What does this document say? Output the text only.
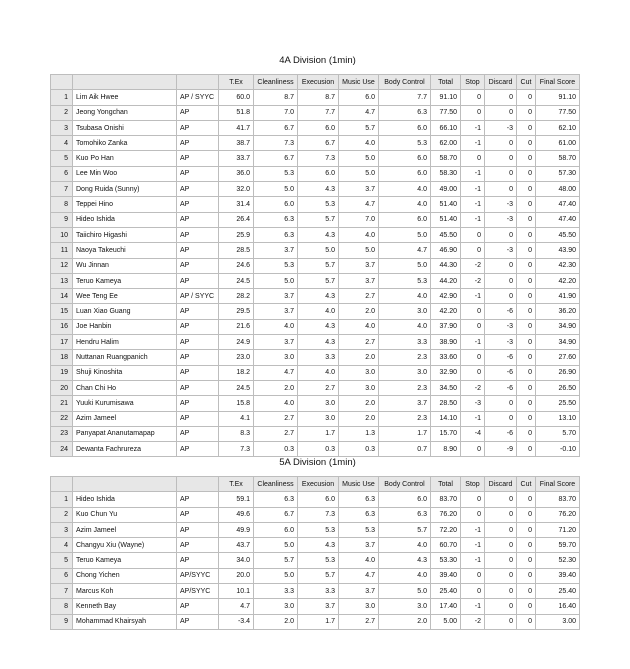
4A Division (1min)
			T.Ex	Cleanliness	Execusion	Music Use	Body Control	Total	Stop	Discard	Cut	Final Score
1	Lim Aik Hwee	AP / SYYC	60.0	8.7	8.7	6.0	7.7	91.10	0	0	0	91.10
2	Jeong Yongchan	AP	51.8	7.0	7.7	4.7	6.3	77.50	0	0	0	77.50
3	Tsubasa Onishi	AP	41.7	6.7	6.0	5.7	6.0	66.10	-1	-3	0	62.10
4	Tomohiko Zanka	AP	38.7	7.3	6.7	4.0	5.3	62.00	-1	0	0	61.00
5	Kuo Po Han	AP	33.7	6.7	7.3	5.0	6.0	58.70	0	0	0	58.70
6	Lee Min Woo	AP	36.0	5.3	6.0	5.0	6.0	58.30	-1	0	0	57.30
7	Dong Ruida (Sunny)	AP	32.0	5.0	4.3	3.7	4.0	49.00	-1	0	0	48.00
8	Teppei Hino	AP	31.4	6.0	5.3	4.7	4.0	51.40	-1	-3	0	47.40
9	Hideo Ishida	AP	26.4	6.3	5.7	7.0	6.0	51.40	-1	-3	0	47.40
10	Taiichiro Higashi	AP	25.9	6.3	4.3	4.0	5.0	45.50	0	0	0	45.50
11	Naoya Takeuchi	AP	28.5	3.7	5.0	5.0	4.7	46.90	0	-3	0	43.90
12	Wu Jinnan	AP	24.6	5.3	5.7	3.7	5.0	44.30	-2	0	0	42.30
13	Teruo Kameya	AP	24.5	5.0	5.7	3.7	5.3	44.20	-2	0	0	42.20
14	Wee Teng Ee	AP / SYYC	28.2	3.7	4.3	2.7	4.0	42.90	-1	0	0	41.90
15	Luan Xiao Guang	AP	29.5	3.7	4.0	2.0	3.0	42.20	0	-6	0	36.20
16	Joe Hanbin	AP	21.6	4.0	4.3	4.0	4.0	37.90	0	-3	0	34.90
17	Hendru Halim	AP	24.9	3.7	4.3	2.7	3.3	38.90	-1	-3	0	34.90
18	Nuttanan Ruangpanich	AP	23.0	3.0	3.3	2.0	2.3	33.60	0	-6	0	27.60
19	Shuji Kinoshita	AP	18.2	4.7	4.0	3.0	3.0	32.90	0	-6	0	26.90
20	Chan Chi Ho	AP	24.5	2.0	2.7	3.0	2.3	34.50	-2	-6	0	26.50
21	Yuuki Kurumisawa	AP	15.8	4.0	3.0	2.0	3.7	28.50	-3	0	0	25.50
22	Azim Jameel	AP	4.1	2.7	3.0	2.0	2.3	14.10	-1	0	0	13.10
23	Panyapat Ananutamapap	AP	8.3	2.7	1.7	1.3	1.7	15.70	-4	-6	0	5.70
24	Dewanta Fachrureza	AP	7.3	0.3	0.3	0.3	0.7	8.90	0	-9	0	-0.10
5A Division (1min)
			T.Ex	Cleanliness	Execusion	Music Use	Body Control	Total	Stop	Discard	Cut	Final Score
1	Hideo Ishida	AP	59.1	6.3	6.0	6.3	6.0	83.70	0	0	0	83.70
2	Kuo Chun Yu	AP	49.6	6.7	7.3	6.3	6.3	76.20	0	0	0	76.20
3	Azim Jameel	AP	49.9	6.0	5.3	5.3	5.7	72.20	-1	0	0	71.20
4	Changyu Xiu (Wayne)	AP	43.7	5.0	4.3	3.7	4.0	60.70	-1	0	0	59.70
5	Teruo Kameya	AP	34.0	5.7	5.3	4.0	4.3	53.30	-1	0	0	52.30
6	Chong Yichen	AP/SYYC	20.0	5.0	5.7	4.7	4.0	39.40	0	0	0	39.40
7	Marcus Koh	AP/SYYC	10.1	3.3	3.3	3.7	5.0	25.40	0	0	0	25.40
8	Kenneth Bay	AP	4.7	3.0	3.7	3.0	3.0	17.40	-1	0	0	16.40
9	Mohammad Khairsyah	AP	-3.4	2.0	1.7	2.7	2.0	5.00	-2	0	0	3.00
